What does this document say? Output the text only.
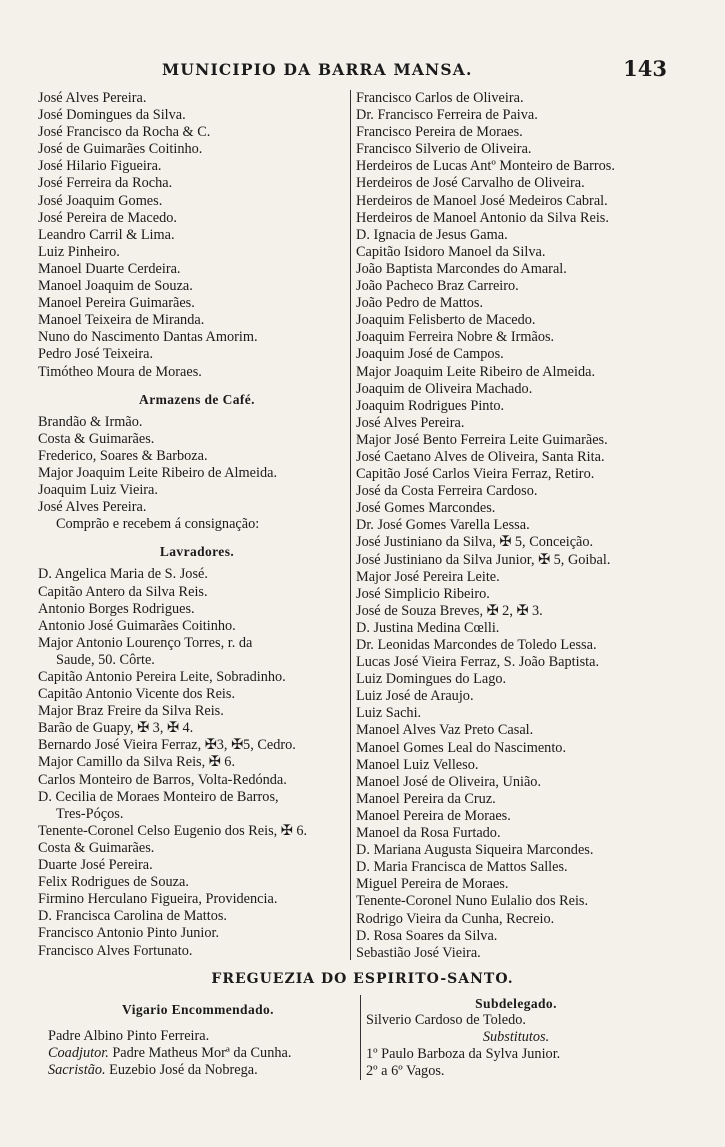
MUNICIPIO DA BARRA MANSA.	143
José Alves Pereira.
José Domingues da Silva.
José Francisco da Rocha & C.
José de Guimarães Coitinho.
José Hilario Figueira.
José Ferreira da Rocha.
José Joaquim Gomes.
José Pereira de Macedo.
Leandro Carril & Lima.
Luiz Pinheiro.
Manoel Duarte Cerdeira.
Manoel Joaquim de Souza.
Manoel Pereira Guimarães.
Manoel Teixeira de Miranda.
Nuno do Nascimento Dantas Amorim.
Pedro José Teixeira.
Timótheo Moura de Moraes.
Armazens de Café.
Brandão & Irmão.
Costa & Guimarães.
Frederico, Soares & Barboza.
Major Joaquim Leite Ribeiro de Almeida.
Joaquim Luiz Vieira.
José Alves Pereira.
Comprão e recebem á consignação:
Lavradores.
D. Angelica Maria de S. José.
Capitão Antero da Silva Reis.
Antonio Borges Rodrigues.
Antonio José Guimarães Coitinho.
Major Antonio Lourenço Torres, r. da
Saude, 50. Côrte.
Capitão Antonio Pereira Leite, Sobradinho.
Capitão Antonio Vicente dos Reis.
Major Braz Freire da Silva Reis.
Barão de Guapy, ✠ 3, ✠ 4.
Bernardo José Vieira Ferraz, ✠3, ✠5, Cedro.
Major Camillo da Silva Reis, ✠ 6.
Carlos Monteiro de Barros, Volta-Redónda.
D. Cecilia de Moraes Monteiro de Barros,
Tres-Póços.
Tenente-Coronel Celso Eugenio dos Reis, ✠ 6.
Costa & Guimarães.
Duarte José Pereira.
Felix Rodrigues de Souza.
Firmino Herculano Figueira, Providencia.
D. Francisca Carolina de Mattos.
Francisco Antonio Pinto Junior.
Francisco Alves Fortunato.
Francisco Carlos de Oliveira.
Dr. Francisco Ferreira de Paiva.
Francisco Pereira de Moraes.
Francisco Silverio de Oliveira.
Herdeiros de Lucas Antº Monteiro de Barros.
Herdeiros de José Carvalho de Oliveira.
Herdeiros de Manoel José Medeiros Cabral.
Herdeiros de Manoel Antonio da Silva Reis.
D. Ignacia de Jesus Gama.
Capitão Isidoro Manoel da Silva.
João Baptista Marcondes do Amaral.
João Pacheco Braz Carreiro.
João Pedro de Mattos.
Joaquim Felisberto de Macedo.
Joaquim Ferreira Nobre & Irmãos.
Joaquim José de Campos.
Major Joaquim Leite Ribeiro de Almeida.
Joaquim de Oliveira Machado.
Joaquim Rodrigues Pinto.
José Alves Pereira.
Major José Bento Ferreira Leite Guimarães.
José Caetano Alves de Oliveira, Santa Rita.
Capitão José Carlos Vieira Ferraz, Retiro.
José da Costa Ferreira Cardoso.
José Gomes Marcondes.
Dr. José Gomes Varella Lessa.
José Justiniano da Silva, ✠ 5, Conceição.
José Justiniano da Silva Junior, ✠ 5, Goibal.
Major José Pereira Leite.
José Simplicio Ribeiro.
José de Souza Breves, ✠ 2, ✠ 3.
D. Justina Medina Cœlli.
Dr. Leonidas Marcondes de Toledo Lessa.
Lucas José Vieira Ferraz, S. João Baptista.
Luiz Domingues do Lago.
Luiz José de Araujo.
Luiz Sachi.
Manoel Alves Vaz Preto Casal.
Manoel Gomes Leal do Nascimento.
Manoel Luiz Velleso.
Manoel José de Oliveira, União.
Manoel Pereira da Cruz.
Manoel Pereira de Moraes.
Manoel da Rosa Furtado.
D. Mariana Augusta Siqueira Marcondes.
D. Maria Francisca de Mattos Salles.
Miguel Pereira de Moraes.
Tenente-Coronel Nuno Eulalio dos Reis.
Rodrigo Vieira da Cunha, Recreio.
D. Rosa Soares da Silva.
Sebastião José Vieira.
FREGUEZIA DO ESPIRITO-SANTO.
Vigario Encommendado.
Padre Albino Pinto Ferreira.
Coadjutor. Padre Matheus Morª da Cunha.
Sacristão. Euzebio José da Nobrega.
Subdelegado.
Silverio Cardoso de Toledo.
Substitutos.
1º Paulo Barboza da Sylva Junior.
2º a 6º Vagos.
